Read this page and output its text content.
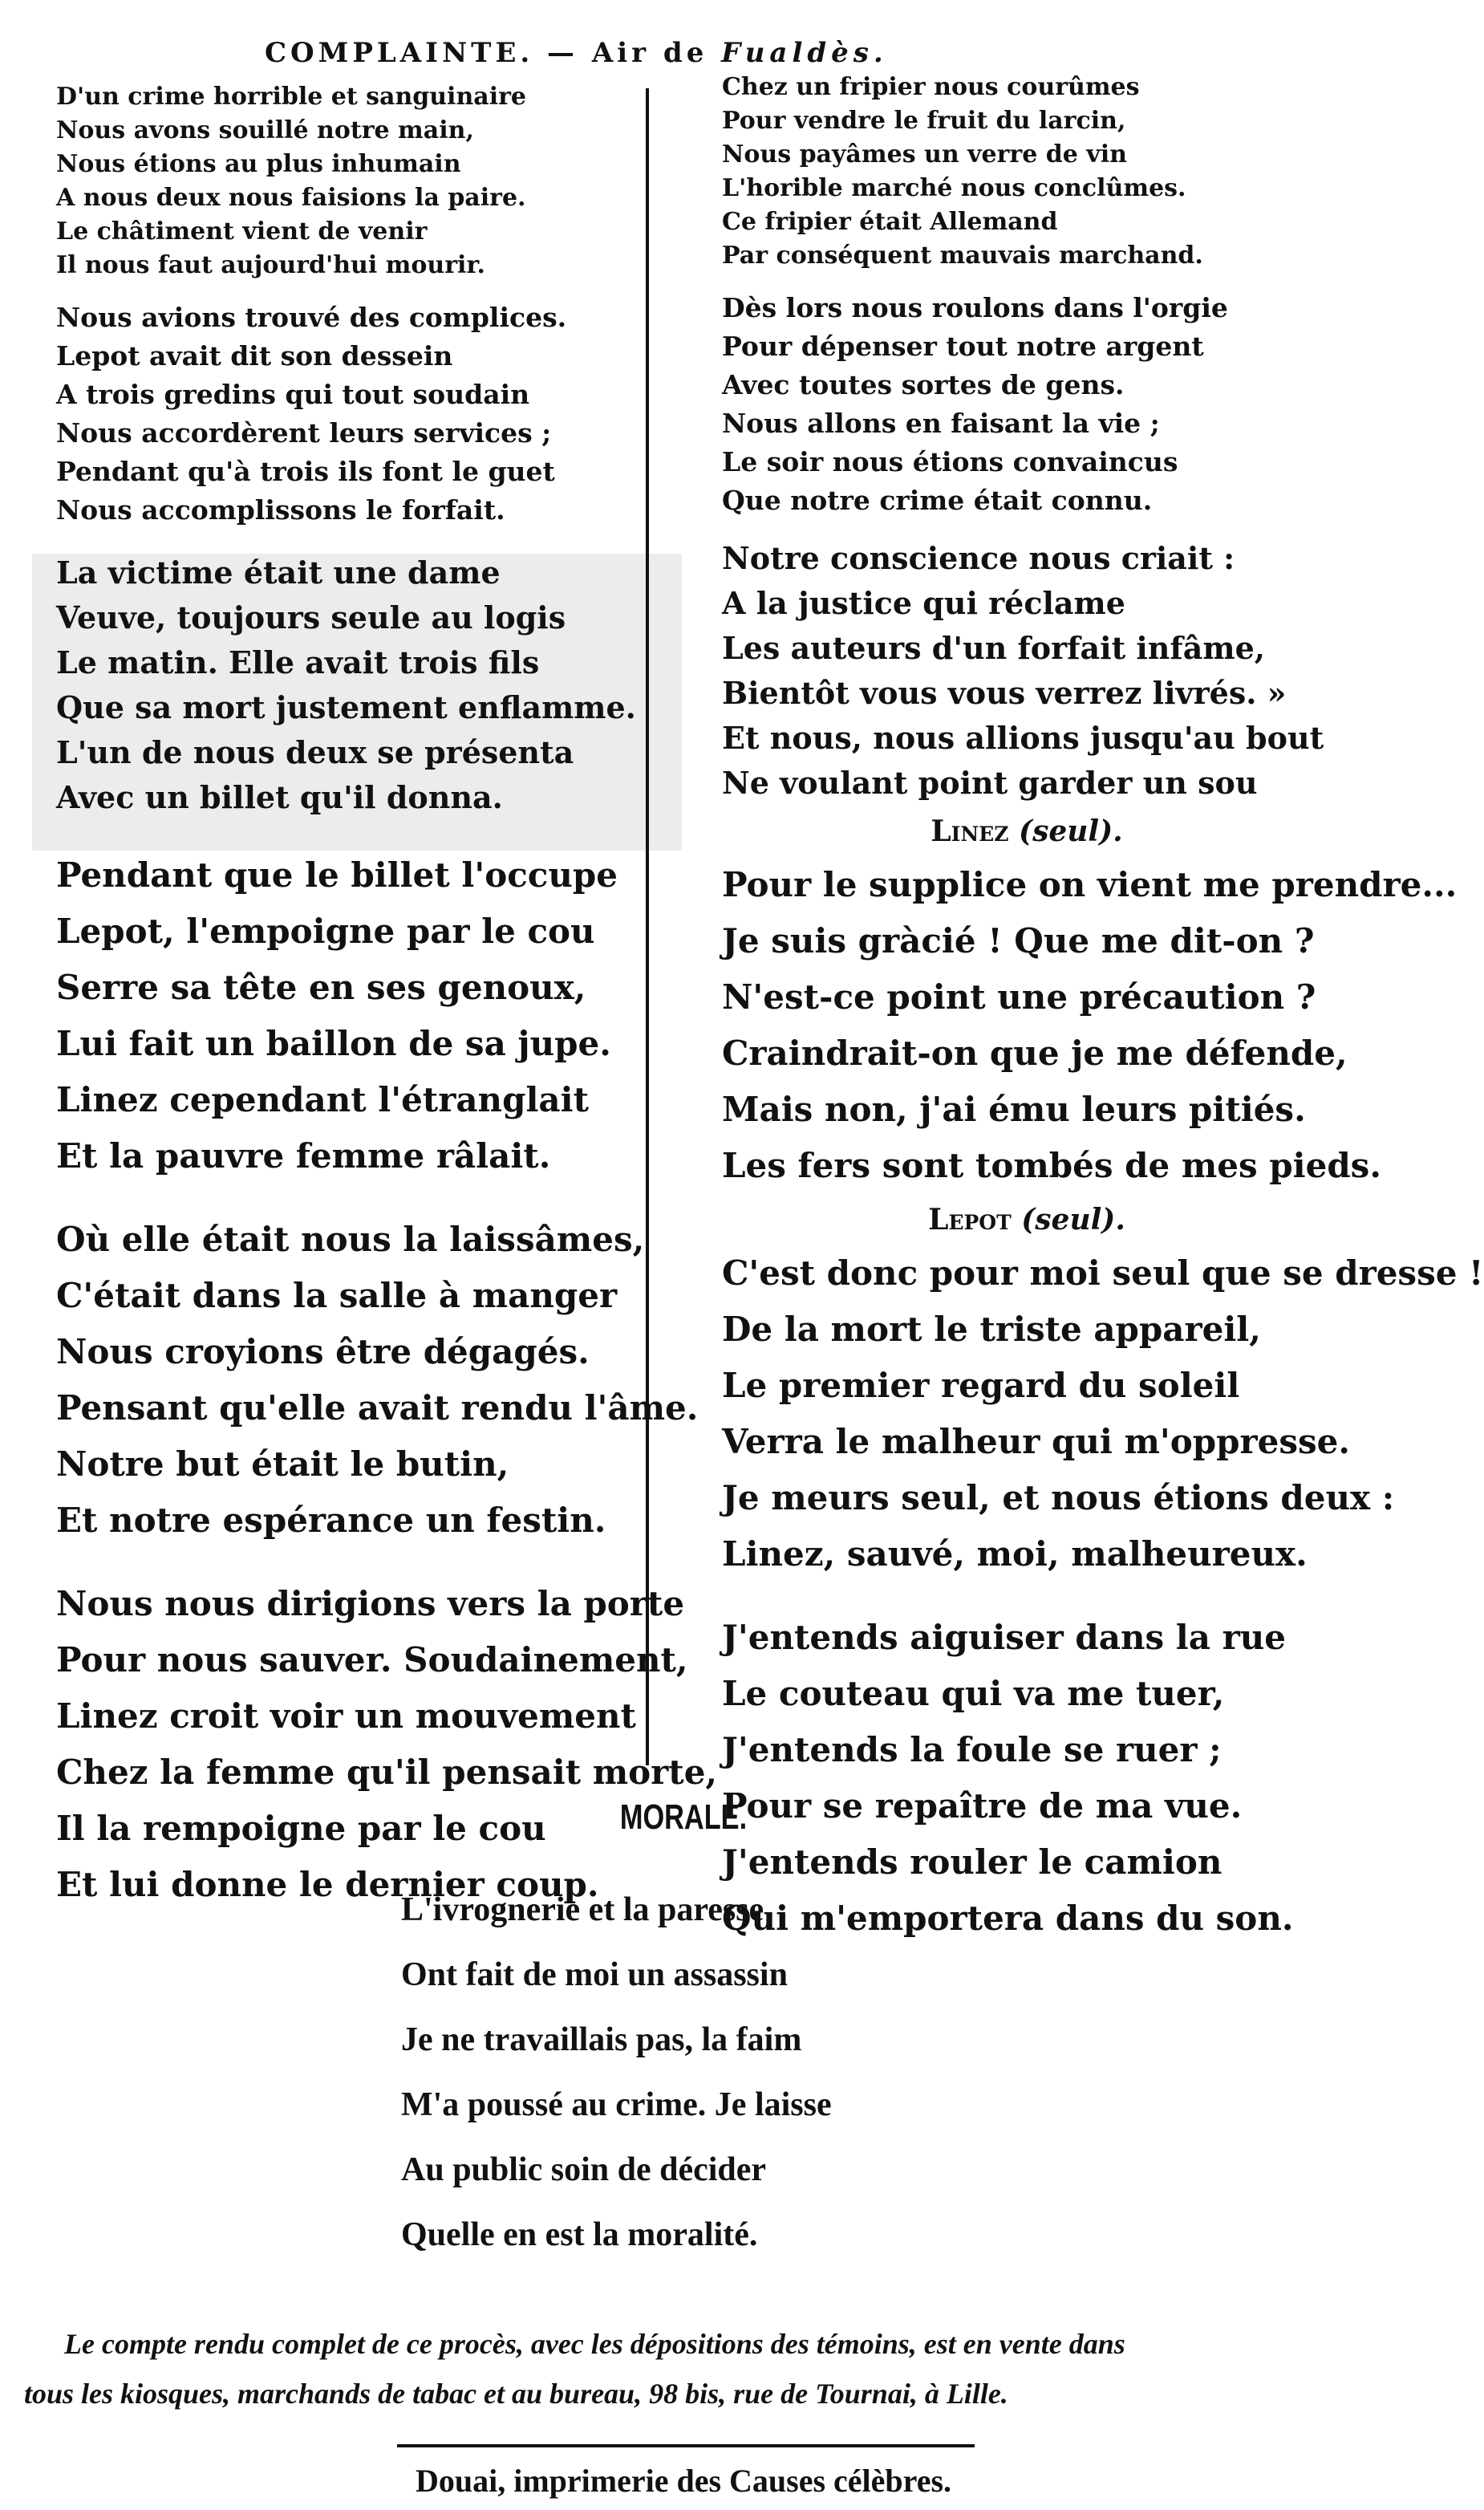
COMPLAINTE. — Air de Fualdès.
D'un crime horrible et sanguinaire
Nous avons souillé notre main,
Nous étions au plus inhumain
A nous deux nous faisions la paire.
Le châtiment vient de venir
Il nous faut aujourd'hui mourir.
Nous avions trouvé des complices.
Lepot avait dit son dessein
A trois gredins qui tout soudain
Nous accordèrent leurs services ;
Pendant qu'à trois ils font le guet
Nous accomplissons le forfait.
La victime était une dame
Veuve, toujours seule au logis
Le matin. Elle avait trois fils
Que sa mort justement enflamme.
L'un de nous deux se présenta
Avec un billet qu'il donna.
Pendant que le billet l'occupe
Lepot, l'empoigne par le cou
Serre sa tête en ses genoux,
Lui fait un baillon de sa jupe.
Linez cependant l'étranglait
Et la pauvre femme râlait.
Où elle était nous la laissâmes,
C'était dans la salle à manger
Nous croyions être dégagés.
Pensant qu'elle avait rendu l'âme.
Notre but était le butin,
Et notre espérance un festin.
Nous nous dirigions vers la porte
Pour nous sauver. Soudainement,
Linez croit voir un mouvement
Chez la femme qu'il pensait morte,
Il la rempoigne par le cou
Et lui donne le dernier coup.
Chez un fripier nous courûmes
Pour vendre le fruit du larcin,
Nous payâmes un verre de vin
L'horible marché nous conclûmes.
Ce fripier était Allemand
Par conséquent mauvais marchand.
Dès lors nous roulons dans l'orgie
Pour dépenser tout notre argent
Avec toutes sortes de gens.
Nous allons en faisant la vie ;
Le soir nous étions convaincus
Que notre crime était connu.
Notre conscience nous criait :
A la justice qui réclame
Les auteurs d'un forfait infâme,
Bientôt vous vous verrez livrés. »
Et nous, nous allions jusqu'au bout
Ne voulant point garder un sou
Linez (seul).
Pour le supplice on vient me prendre...
Je suis gràcié ! Que me dit-on ?
N'est-ce point une précaution ?
Craindrait-on que je me défende,
Mais non, j'ai ému leurs pitiés.
Les fers sont tombés de mes pieds.
Lepot (seul).
C'est donc pour moi seul que se dresse !
De la mort le triste appareil,
Le premier regard du soleil
Verra le malheur qui m'oppresse.
Je meurs seul, et nous étions deux :
Linez, sauvé, moi, malheureux.
J'entends aiguiser dans la rue
Le couteau qui va me tuer,
J'entends la foule se ruer ;
Pour se repaître de ma vue.
J'entends rouler le camion
Qui m'emportera dans du son.
MORALE.
L'ivrognerie et la paresse
Ont fait de moi un assassin
Je ne travaillais pas, la faim
M'a poussé au crime. Je laisse
Au public soin de décider
Quelle en est la moralité.
Le compte rendu complet de ce procès, avec les dépositions des témoins, est en vente dans
tous les kiosques, marchands de tabac et au bureau, 98 bis, rue de Tournai, à Lille.
Douai, imprimerie des Causes célèbres.
